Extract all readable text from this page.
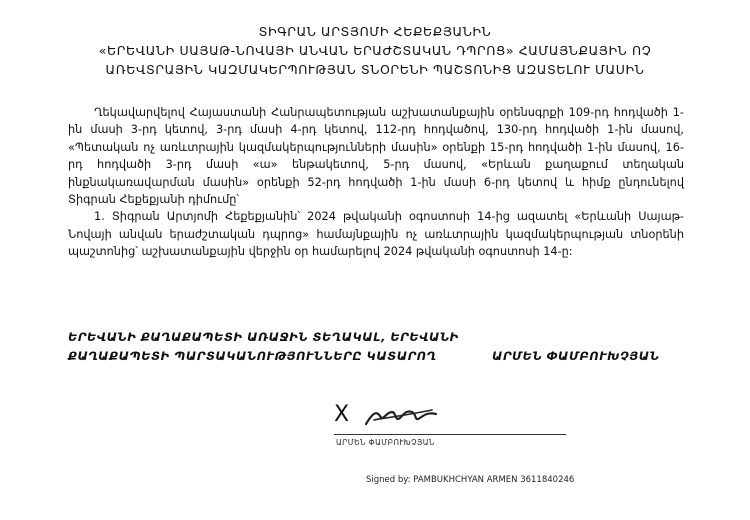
ՏԻԳՐԱՆ ԱՐՏՅՈՄԻ ՀԵՔԵՔՅԱՆԻՆ
«ԵՐԵՎԱՆԻ ՍԱՅԱԹ-ՆՈՎԱՅԻ ԱՆՎԱՆ ԵՐԱԺՇՏԱԿԱՆ ԴՊՐՈՑ» ՀԱՄԱՅՆՔԱՅԻՆ ՈՉ
ԱՌԵՎՏՐԱՅԻՆ ԿԱԶՄԱԿԵՐՊՈՒԹՅԱՆ ՏՆՕՐԵՆԻ ՊԱՇՏՈՆԻՑ ԱԶԱՏԵԼՈՒ ՄԱՍԻՆ

Ղեկավարվելով Հայաստանի Հանրապետության աշխատանքային օրենսգրքի 109-րդ հոդվածի 1-ին մասի 3-րդ կետով, 3-րդ մասի 4-րդ կետով, 112-րդ հոդվածով, 130-րդ հոդվածի 1-ին մասով, «Պետական ոչ առևտրային կազմակերպությունների մասին» օրենքի 15-րդ հոդվածի 1-ին մասով, 16-րդ հոդվածի 3-րդ մասի «ա» ենթակետով, 5-րդ մասով, «Երևան քաղաքում տեղական ինքնակառավարման մասին» օրենքի 52-րդ հոդվածի 1-ին մասի 6-րդ կետով և հիմք ընդունելով Տիգրան Հեքեքյանի դիմումը՝

1. Տիգրան Արտյոմի Հեքեքյանին՝ 2024 թվականի օգոստոսի 14-ից ազատել «Երևանի Սայաթ-Նովայի անվան երաժշտական դպրոց» համայնքային ոչ առևտրային կազմակերպության տնօրենի պաշտոնից՝ աշխատանքային վերջին օր համարելով 2024 թվականի օգոստոսի 14-ը:

ԵՐԵՎԱՆԻ ՔԱՂԱՔԱՊԵՏԻ ԱՌԱՋԻՆ ՏԵՂԱԿԱԼ, ԵՐԵՎԱՆԻ
ՔԱՂԱՔԱՊԵՏԻ ՊԱՐՏԱԿԱՆՈՒԹՅՈՒՆՆԵՐԸ ԿԱՏԱՐՈՂ	ԱՐՄԵՆ ՓԱՄԲՈՒԽՉՅԱՆ
X
ԱՐՄԵՆ ՓԱՄԲՈՒԽՉՅԱՆ
Signed by: PAMBUKHCHYAN ARMEN 3611840246
